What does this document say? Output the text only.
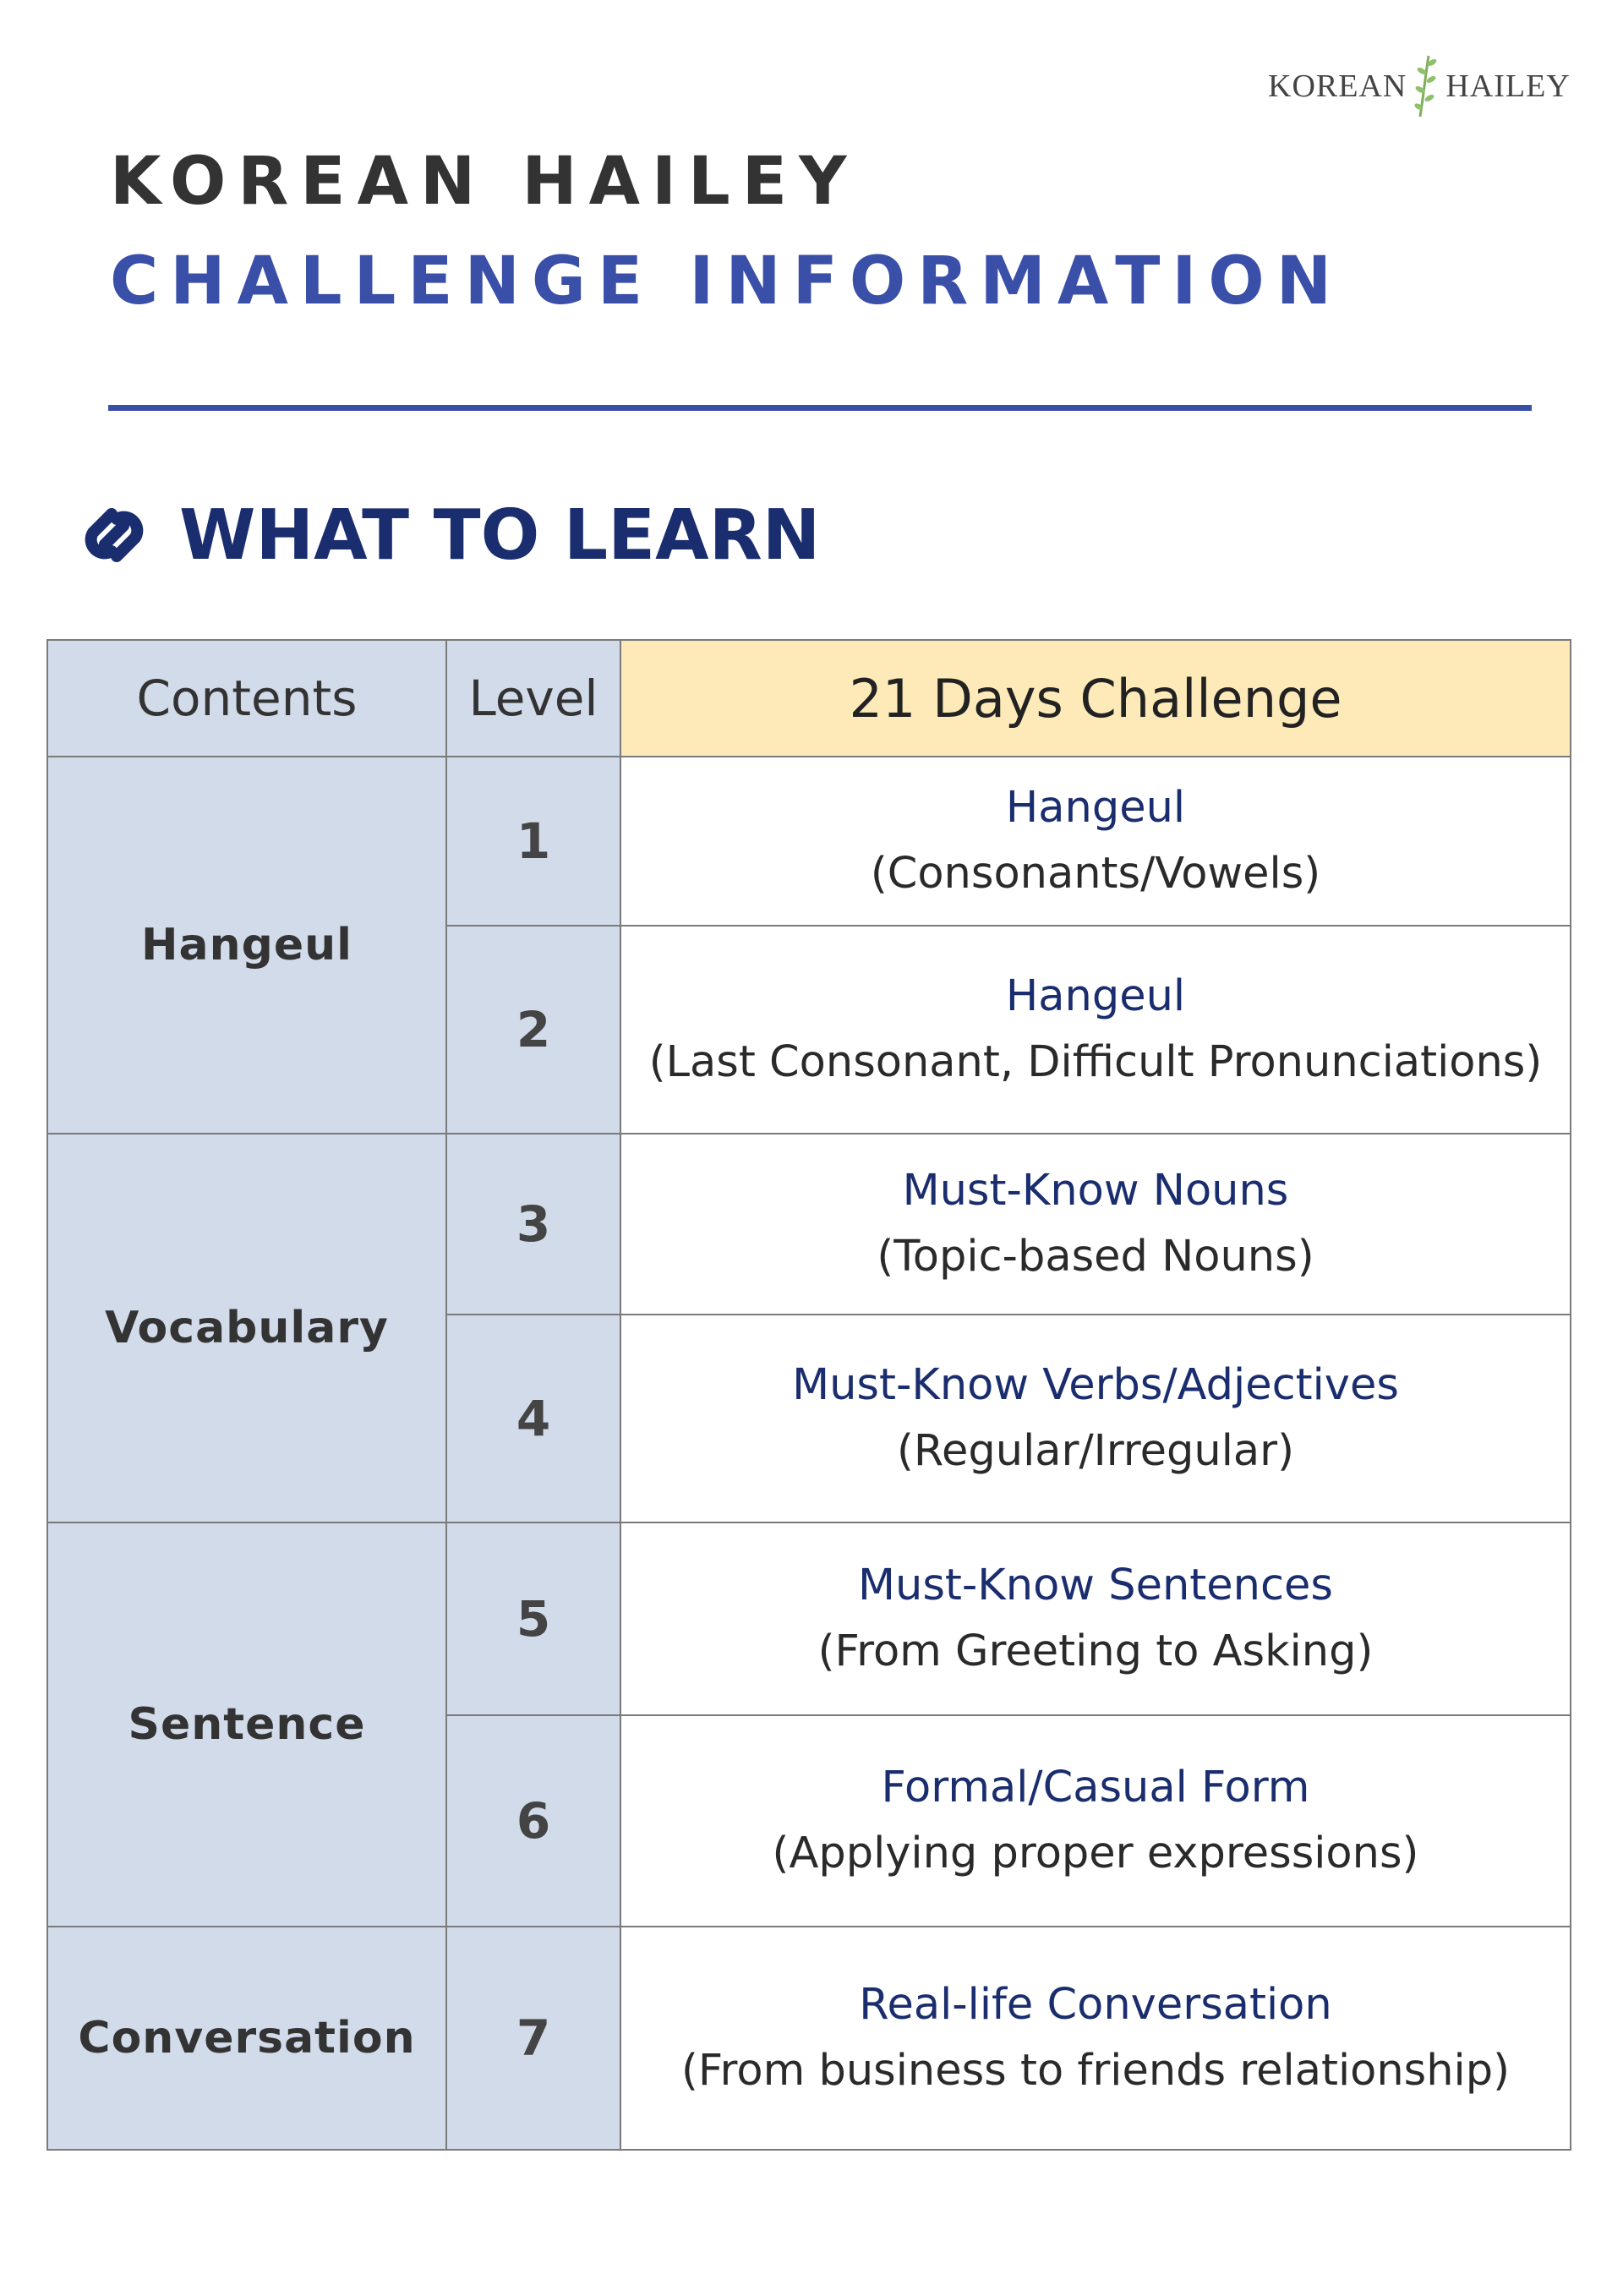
KOREAN HAILEY
KOREAN HAILEY
CHALLENGE INFORMATION
WHAT TO LEARN
Contents	Level	21 Days Challenge
Hangeul	1	Hangeul
(Consonants/Vowels)

	2	Hangeul
(Last Consonant, Difficult Pronunciations)

Vocabulary	3	Must-Know Nouns
(Topic-based Nouns)

	4	Must-Know Verbs/Adjectives
(Regular/Irregular)

Sentence	5	Must-Know Sentences
(From Greeting to Asking)

	6	Formal/Casual Form
(Applying proper expressions)

Conversation	7	Real-life Conversation
(From business to friends relationship)
